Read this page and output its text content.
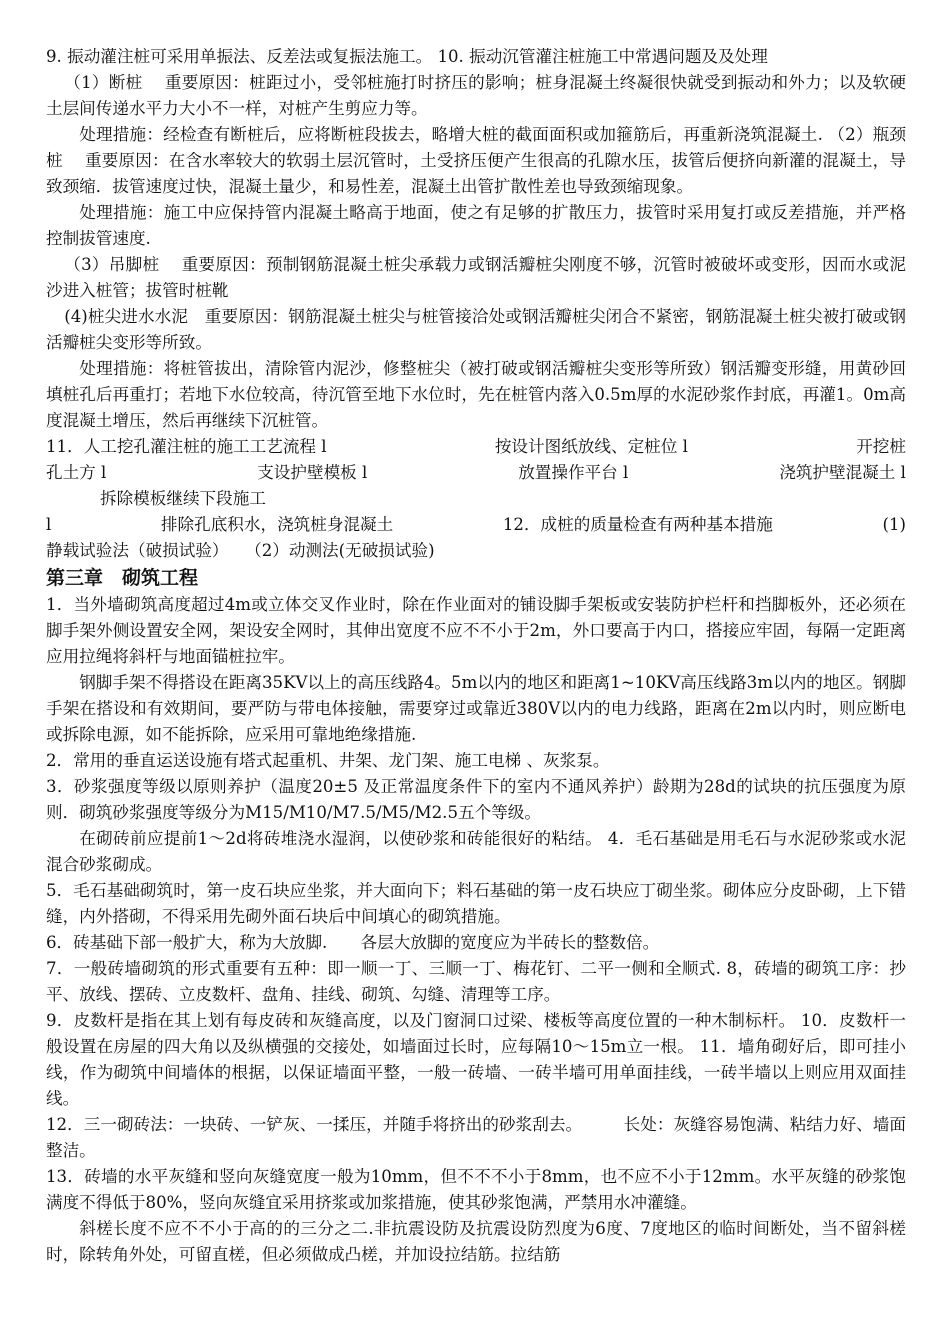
9. 振动灌注桩可采用单振法、反差法或复振法施工。 10. 振动沉管灌注桩施工中常遇问题及及处理

（1）断桩　 重要原因：桩距过小，受邻桩施打时挤压的影响；桩身混凝土终凝很快就受到振动和外力；以及软硬土层间传递水平力大小不一样，对桩产生剪应力等。

处理措施：经检查有断桩后，应将断桩段拔去，略增大桩的截面面积或加箍筋后，再重新浇筑混凝土. （2）瓶颈桩　 重要原因：在含水率较大的软弱土层沉管时，土受挤压便产生很高的孔隙水压，拔管后便挤向新灌的混凝土，导致颈缩．拔管速度过快，混凝土量少，和易性差，混凝土出管扩散性差也导致颈缩现象。

处理措施：施工中应保持管内混凝土略高于地面，使之有足够的扩散压力，拔管时采用复打或反差措施，并严格控制拔管速度.

（3）吊脚桩　 重要原因：预制钢筋混凝土桩尖承载力或钢活瓣桩尖刚度不够，沉管时被破坏或变形，因而水或泥沙进入桩管；拔管时桩靴

(4)桩尖进水水泥　重要原因：钢筋混凝土桩尖与桩管接洽处或钢活瓣桩尖闭合不紧密，钢筋混凝土桩尖被打破或钢活瓣桩尖变形等所致。

处理措施：将桩管拔出，清除管内泥沙，修整桩尖（被打破或钢活瓣桩尖变形等所致）钢活瓣变形缝，用黄砂回填桩孔后再重打；若地下水位较高，待沉管至地下水位时，先在桩管内落入0.5m厚的水泥砂浆作封底，再灌1。0m高度混凝土增压，然后再继续下沉桩管。

11．人工挖孔灌注桩的施工工艺流程 l	按设计图纸放线、定桩位 l	开挖桩
孔土方 l	支设护壁模板 l	放置操作平台 l	浇筑护壁混凝土 l

拆除模板继续下段施工

l	排除孔底积水，浇筑桩身混凝土	12．成桩的质量检查有两种基本措施	(1)

静载试验法（破损试验）　　（2）动测法(无破损试验)

第三章　砌筑工程

1．当外墙砌筑高度超过4m或立体交叉作业时，除在作业面对的铺设脚手架板或安装防护栏杆和挡脚板外，还必须在脚手架外侧设置安全网，架设安全网时，其伸出宽度不应不不小于2m，外口要高于内口，搭接应牢固，每隔一定距离应用拉绳将斜杆与地面锚桩拉牢。

钢脚手架不得搭设在距离35KV以上的高压线路4。5m以内的地区和距离1~10KV高压线路3m以内的地区。钢脚手架在搭设和有效期间，要严防与带电体接触，需要穿过或靠近380V以内的电力线路，距离在2m以内时，则应断电或拆除电源，如不能拆除，应采用可靠地绝缘措施.

2．常用的垂直运送设施有塔式起重机、井架、龙门架、施工电梯 、灰浆泵。

3．砂浆强度等级以原则养护（温度20±5 及正常温度条件下的室内不通风养护）龄期为28d的试块的抗压强度为原则．砌筑砂浆强度等级分为M15/M10/M7.5/M5/M2.5五个等级。

在砌砖前应提前1～2d将砖堆浇水湿润，以使砂浆和砖能很好的粘结。 4．毛石基础是用毛石与水泥砂浆或水泥混合砂浆砌成。

5．毛石基础砌筑时，第一皮石块应坐浆，并大面向下；料石基础的第一皮石块应丁砌坐浆。砌体应分皮卧砌，上下错缝，内外搭砌，不得采用先砌外面石块后中间填心的砌筑措施。

6．砖基础下部一般扩大，称为大放脚.　　各层大放脚的宽度应为半砖长的整数倍。

7．一般砖墙砌筑的形式重要有五种：即一顺一丁、三顺一丁、梅花钉、二平一侧和全顺式. 8，砖墙的砌筑工序：抄平、放线、摆砖、立皮数杆、盘角、挂线、砌筑、勾缝、清理等工序。

9．皮数杆是指在其上划有每皮砖和灰缝高度，以及门窗洞口过梁、楼板等高度位置的一种木制标杆。 10．皮数杆一般设置在房屋的四大角以及纵横强的交接处，如墙面过长时，应每隔10～15m立一根。 11．墙角砌好后，即可挂小线，作为砌筑中间墙体的根据，以保证墙面平整，一般一砖墙、一砖半墙可用单面挂线，一砖半墙以上则应用双面挂线。

12．三一砌砖法：一块砖、一铲灰、一揉压，并随手将挤出的砂浆刮去。　　　长处：灰缝容易饱满、粘结力好、墙面整洁。

13．砖墙的水平灰缝和竖向灰缝宽度一般为10mm，但不不不小于8mm，也不应不小于12mm。水平灰缝的砂浆饱满度不得低于80%，竖向灰缝宜采用挤浆或加浆措施，使其砂浆饱满，严禁用水冲灌缝。

斜槎长度不应不不小于高的的三分之二.非抗震设防及抗震设防烈度为6度、7度地区的临时间断处，当不留斜槎时，除转角外处，可留直槎，但必须做成凸槎，并加设拉结筋。拉结筋
